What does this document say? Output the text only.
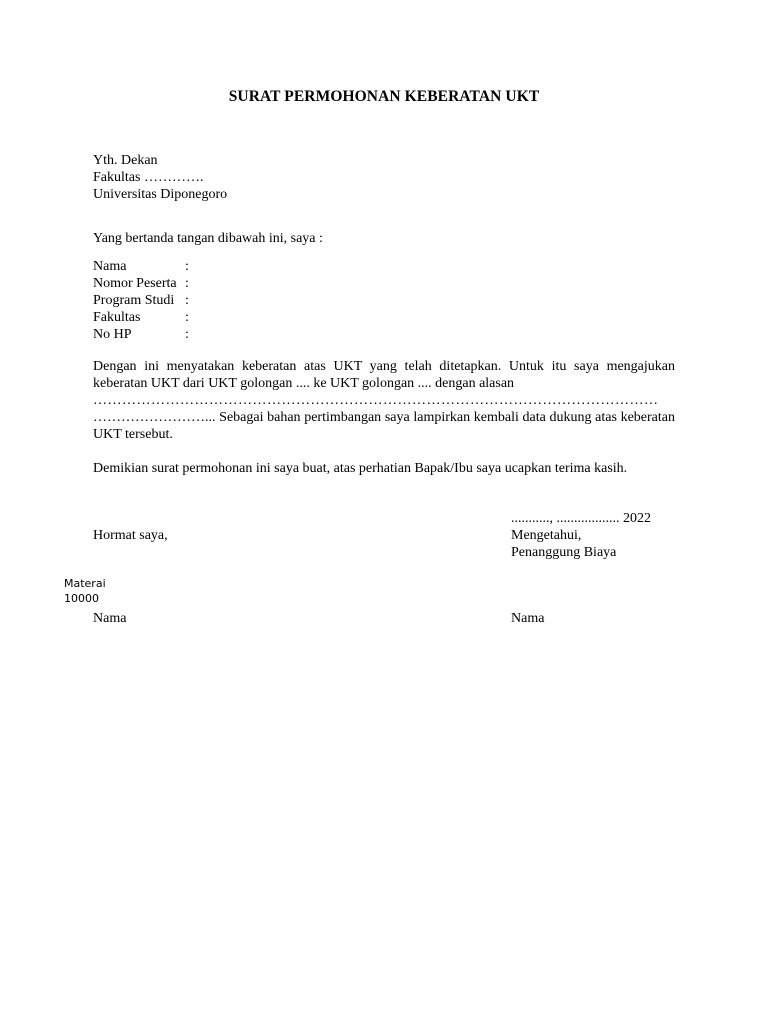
SURAT PERMOHONAN KEBERATAN UKT
Yth. Dekan
Fakultas ………….
Universitas Diponegoro
Yang bertanda tangan dibawah ini, saya :
Nama	:
Nomor Peserta :
Program Studi :
Fakultas	:
No HP	:
Dengan ini menyatakan keberatan atas UKT yang telah ditetapkan. Untuk itu saya mengajukan keberatan UKT dari UKT golongan .... ke UKT golongan .... dengan alasan
………………………………………………………………………………………………………
……………………... Sebagai bahan pertimbangan saya lampirkan kembali data dukung atas keberatan UKT tersebut.
Demikian surat permohonan ini saya buat, atas perhatian Bapak/Ibu saya ucapkan terima kasih.
..........., .................. 2022
Hormat saya,	Mengetahui,
Penanggung Biaya
Materai
10000
Nama	Nama
